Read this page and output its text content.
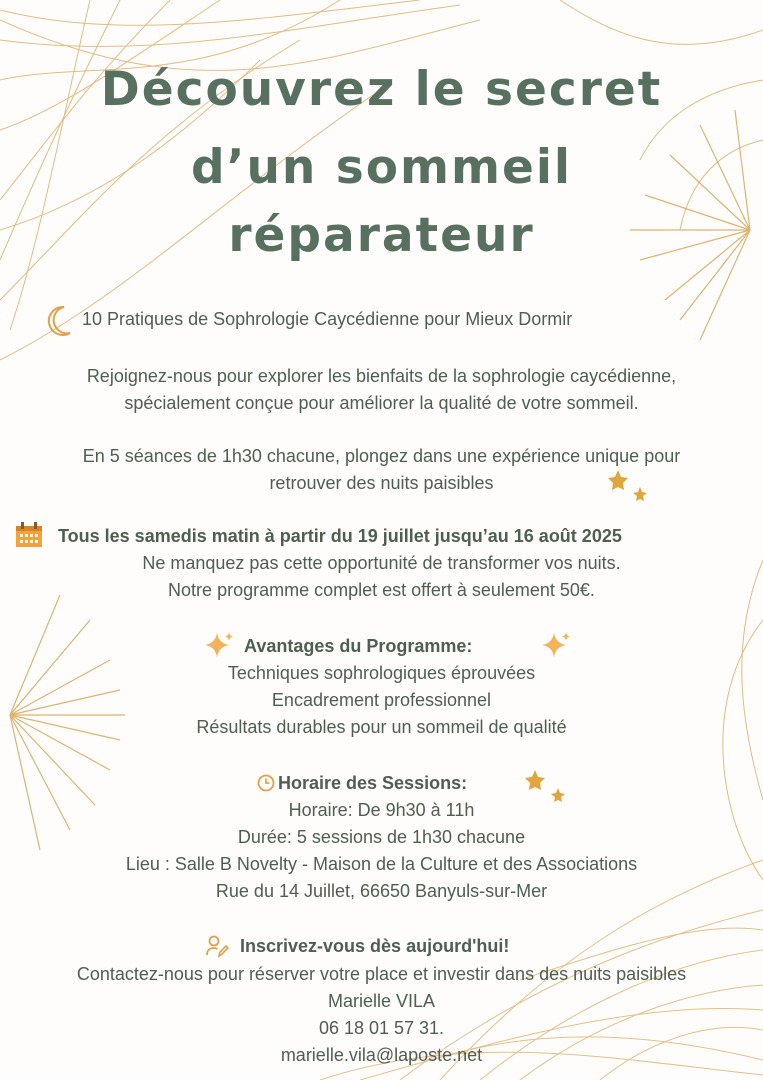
Découvrez le secret
d’un sommeil
réparateur
10 Pratiques de Sophrologie Caycédienne pour Mieux Dormir
Rejoignez-nous pour explorer les bienfaits de la sophrologie caycédienne,
spécialement conçue pour améliorer la qualité de votre sommeil.
En 5 séances de 1h30 chacune, plongez dans une expérience unique pour
retrouver des nuits paisibles
Tous les samedis matin à partir du 19 juillet jusqu’au 16 août 2025
Ne manquez pas cette opportunité de transformer vos nuits.
Notre programme complet est offert à seulement 50€.
Avantages du Programme:
Techniques sophrologiques éprouvées
Encadrement professionnel
Résultats durables pour un sommeil de qualité
Horaire des Sessions:
Horaire: De 9h30 à 11h
Durée: 5 sessions de 1h30 chacune
Lieu : Salle B Novelty - Maison de la Culture et des Associations
Rue du 14 Juillet, 66650 Banyuls-sur-Mer
Inscrivez-vous dès aujourd'hui!
Contactez-nous pour réserver votre place et investir dans des nuits paisibles
Marielle VILA
06 18 01 57 31.
marielle.vila@laposte.net
